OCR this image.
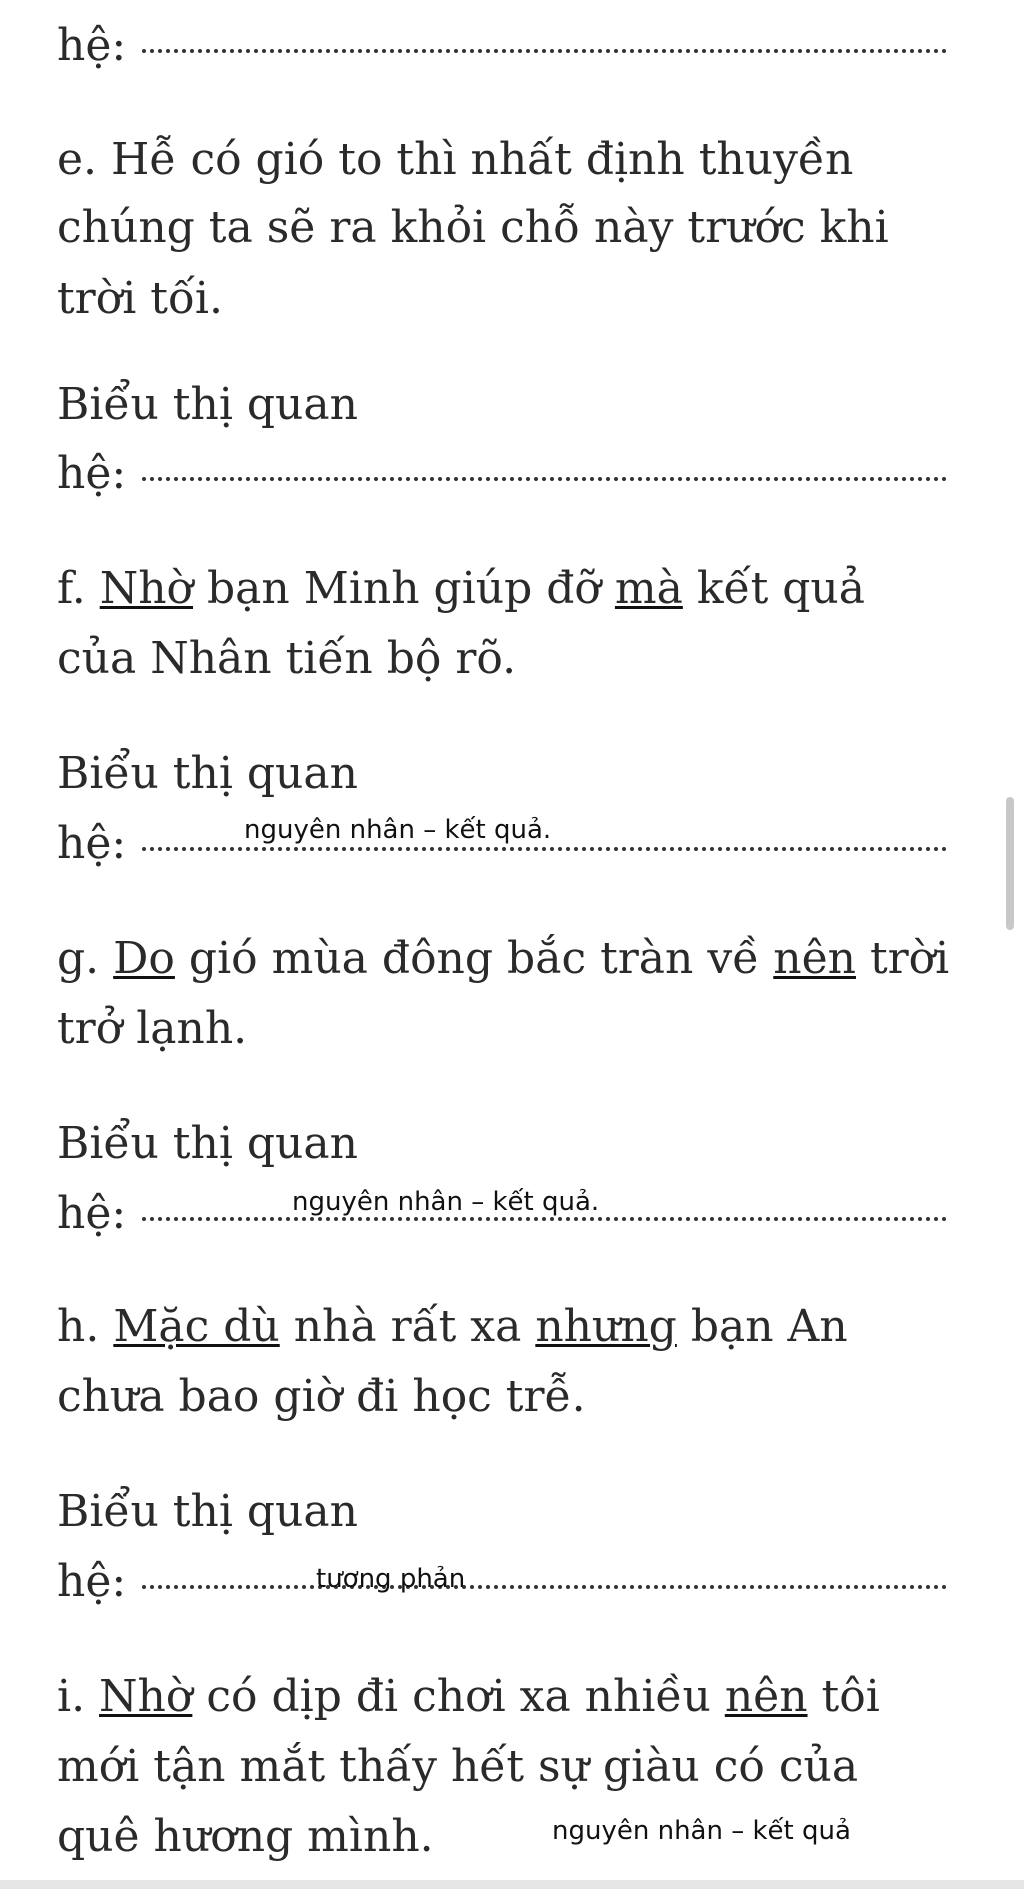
hệ:
e. Hễ có gió to thì nhất định thuyền
chúng ta sẽ ra khỏi chỗ này trước khi
trời tối.
Biểu thị quan
hệ:
f. Nhờ bạn Minh giúp đỡ mà kết quả
của Nhân tiến bộ rõ.
Biểu thị quan
hệ:	nguyên nhân – kết quả.
g. Do gió mùa đông bắc tràn về nên trời
trở lạnh.
Biểu thị quan
hệ:	nguyên nhân – kết quả.
h. Mặc dù nhà rất xa nhưng bạn An
chưa bao giờ đi học trễ.
Biểu thị quan
hệ:	tương phản
i. Nhờ có dịp đi chơi xa nhiều nên tôi
mới tận mắt thấy hết sự giàu có của
quê hương mình.	nguyên nhân – kết quả
